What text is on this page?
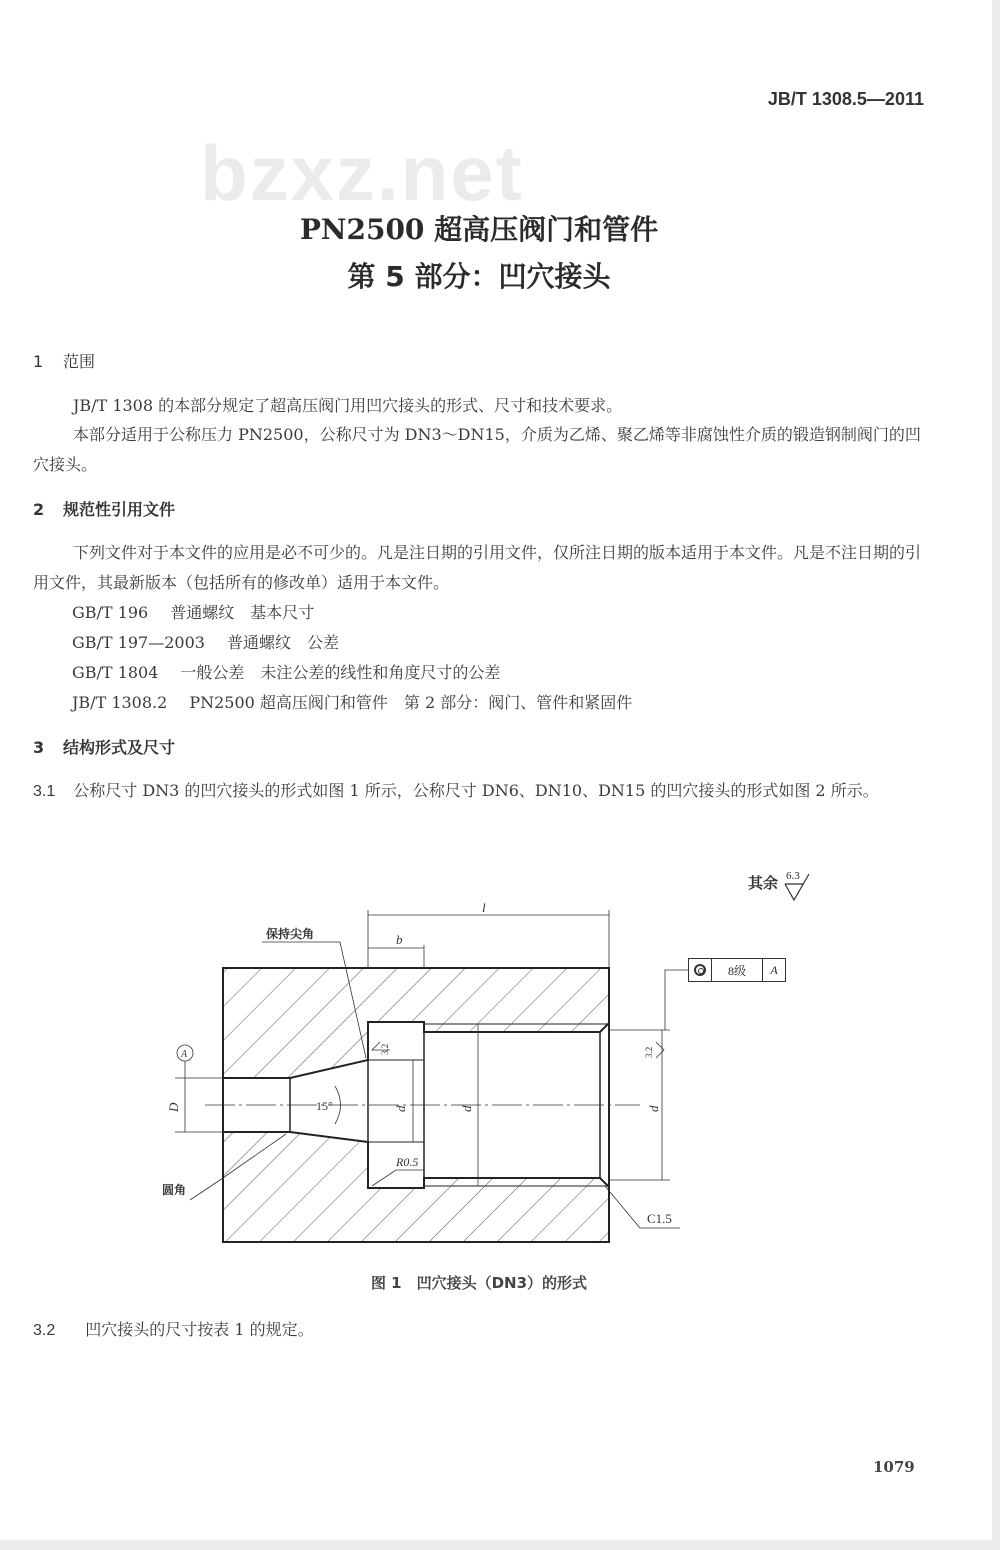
bzxz.net
JB/T 1308.5—2011
PN2500 超高压阀门和管件
第 5 部分：凹穴接头
1 范围
JB/T 1308 的本部分规定了超高压阀门用凹穴接头的形式、尺寸和技术要求。
本部分适用于公称压力 PN2500，公称尺寸为 DN3～DN15，介质为乙烯、聚乙烯等非腐蚀性介质的锻造钢制阀门的凹穴接头。
2 规范性引用文件
下列文件对于本文件的应用是必不可少的。凡是注日期的引用文件，仅所注日期的版本适用于本文件。凡是不注日期的引用文件，其最新版本（包括所有的修改单）适用于本文件。
GB/T 196 普通螺纹　基本尺寸
GB/T 197—2003 普通螺纹　公差
GB/T 1804 一般公差　未注公差的线性和角度尺寸的公差
JB/T 1308.2 PN2500 超高压阀门和管件　第 2 部分：阀门、管件和紧固件
3 结构形式及尺寸
3.1 公称尺寸 DN3 的凹穴接头的形式如图 1 所示，公称尺寸 DN6、DN10、DN15 的凹穴接头的形式如图 2 所示。
其余 6.3
l
b
保持尖角
圆角
A
D	15°	d	d	d
3.2	3.2
R0.5
C1.5
8级	A
图 1　凹穴接头（DN3）的形式
3.2 凹穴接头的尺寸按表 1 的规定。
1079
